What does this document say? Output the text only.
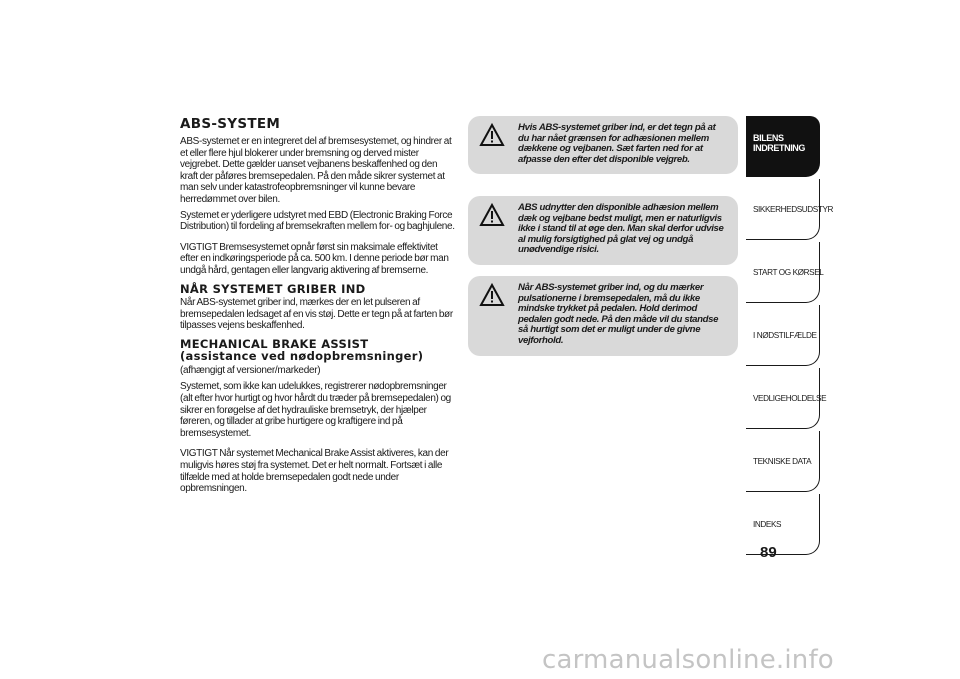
ABS-SYSTEM

ABS-systemet er en integreret del af bremsesystemet, og hindrer at et eller flere hjul blokerer under bremsning og derved mister vejgrebet. Dette gælder uanset vejbanens beskaffenhed og den kraft der påføres bremsepedalen. På den måde sikrer systemet at man selv under katastrofeopbremsninger vil kunne bevare herredømmet over bilen.

Systemet er yderligere udstyret med EBD (Electronic Braking Force Distribution) til fordeling af bremsekraften mellem for- og baghjulene.

VIGTIGT Bremsesystemet opnår først sin maksimale effektivitet efter en indkøringsperiode på ca. 500 km. I denne periode bør man undgå hård, gentagen eller langvarig aktivering af bremserne.

NÅR SYSTEMET GRIBER IND

Når ABS-systemet griber ind, mærkes der en let pulseren af bremsepedalen ledsaget af en vis støj. Dette er tegn på at farten bør tilpasses vejens beskaffenhed.

MECHANICAL BRAKE ASSIST
(assistance ved nødopbremsninger)

(afhængigt af versioner/markeder)

Systemet, som ikke kan udelukkes, registrerer nødopbremsninger (alt efter hvor hurtigt og hvor hårdt du træder på bremsepedalen) og sikrer en forøgelse af det hydrauliske bremsetryk, der hjælper føreren, og tillader at gribe hurtigere og kraftigere ind på bremsesystemet.

VIGTIGT Når systemet Mechanical Brake Assist aktiveres, kan der muligvis høres støj fra systemet. Det er helt normalt. Fortsæt i alle tilfælde med at holde bremsepedalen godt nede under opbremsningen.

Hvis ABS-systemet griber ind, er det tegn på at du har nået grænsen for adhæsionen mellem dækkene og vejbanen. Sæt farten ned for at afpasse den efter det disponible vejgreb.
ABS udnytter den disponible adhæsion mellem dæk og vejbane bedst muligt, men er naturligvis ikke i stand til at øge den. Man skal derfor udvise al mulig forsigtighed på glat vej og undgå unødvendige risici.
Når ABS-systemet griber ind, og du mærker pulsationerne i bremsepedalen, må du ikke mindske trykket på pedalen. Hold derimod pedalen godt nede. På den måde vil du standse så hurtigt som det er muligt under de givne vejforhold.
BILENS INDRETNING
SIKKERHEDSUDSTYR
START OG KØRSEL
I NØDSTILFÆLDE
VEDLIGEHOLDELSE
TEKNISKE DATA
INDEKS
89
carmanualsonline.info
